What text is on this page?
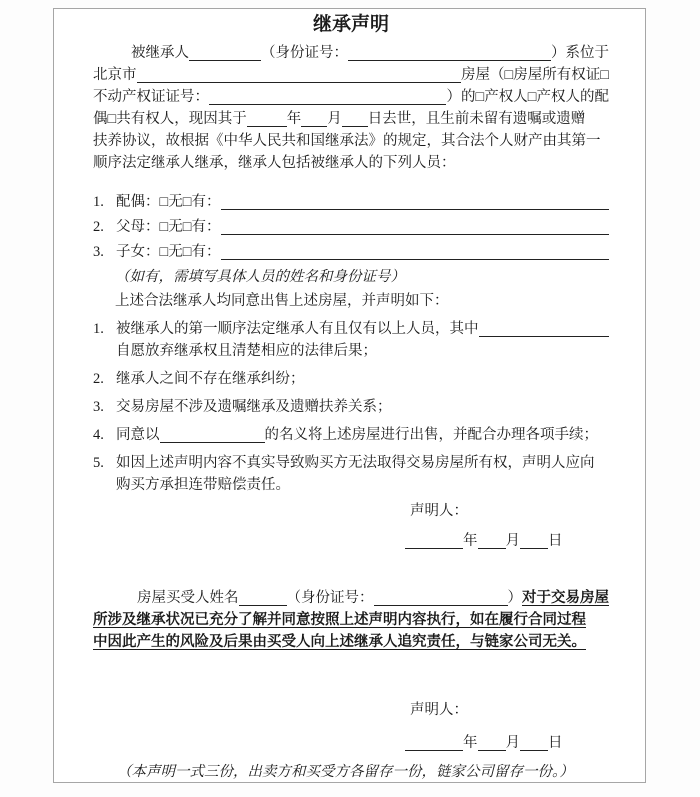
继承声明
被继承人	（身份证号：	）系位于
北京市	房屋（ □ 房屋所有权证 □
不动产权证证号：	）的 □ 产权人 □ 产权人的配
偶 □ 共有权人，现因其于	年 月 日去世，且生前未留有遗嘱或遗赠
扶养协议，故根据《中华人民共和国继承法》的规定，其合法个人财产由其第一
顺序法定继承人继承，继承人包括被继承人的下列人员：
1. 配偶： □ 无 □ 有：
2. 父母： □ 无 □ 有：
3. 子女： □ 无 □ 有：

（如有，需填写具体人员的姓名和身份证号）

上述合法继承人均同意出售上述房屋，并声明如下：

1. 被继承人的第一顺序法定继承人有且仅有以上人员，其中
自愿放弃继承权且清楚相应的法律后果；
2. 继承人之间不存在继承纠纷；
3. 交易房屋不涉及遗嘱继承及遗赠扶养关系；
4. 同意以	的名义将上述房屋进行出售，并配合办理各项手续；
5. 如因上述声明内容不真实导致购买方无法取得交易房屋所有权，声明人应向
购买方承担连带赔偿责任。

声明人：

年 月 日
房屋买受人姓名	（身份证号：	） 对于交易房屋
所涉及继承状况已充分了解并同意按照上述声明内容执行，如在履行合同过程
中因此产生的风险及后果由买受人向上述继承人追究责任，与链家公司无关。

声明人：

年 月 日

（本声明一式三份，出卖方和买受方各留存一份，链家公司留存一份。）
